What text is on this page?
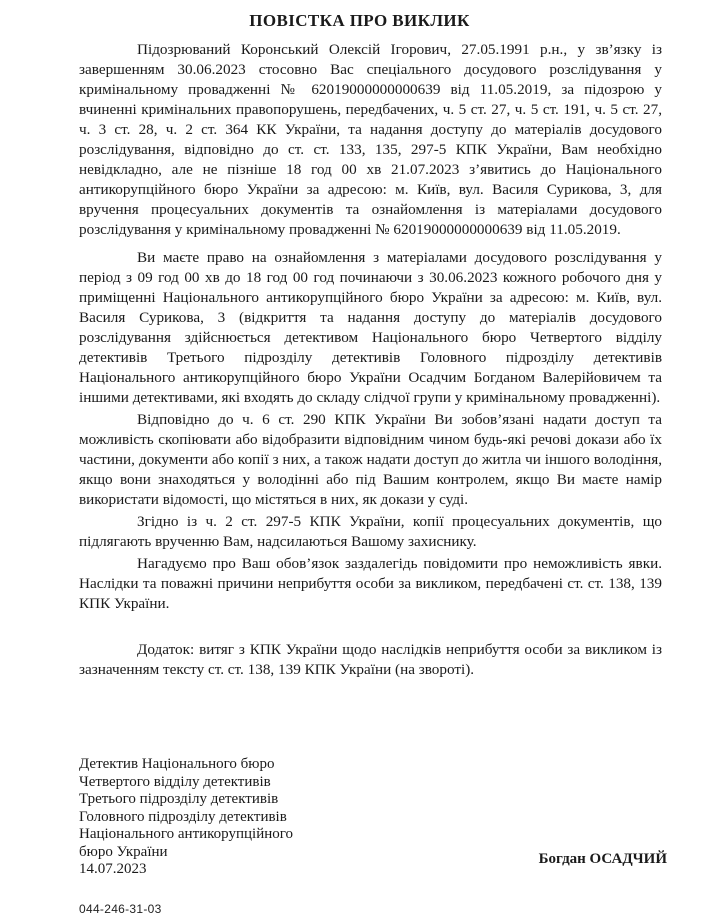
ПОВІСТКА ПРО ВИКЛИК

Підозрюваний Коронський Олексій Ігорович, 27.05.1991 р.н., у зв’язку із завершенням 30.06.2023 стосовно Вас спеціального досудового розслідування у кримінальному провадженні № 62019000000000639 від 11.05.2019, за підозрою у вчиненні кримінальних правопорушень, передбачених, ч. 5 ст. 27, ч. 5 ст. 191, ч. 5 ст. 27, ч. 3 ст. 28, ч. 2 ст. 364 КК України, та надання доступу до матеріалів досудового розслідування, відповідно до ст. ст. 133, 135, 297-5 КПК України, Вам необхідно невідкладно, але не пізніше 18 год 00 хв 21.07.2023 з’явитись до Національного антикорупційного бюро України за адресою: м. Київ, вул. Василя Сурикова, 3, для вручення процесуальних документів та ознайомлення із матеріалами досудового розслідування у кримінальному провадженні № 62019000000000639 від 11.05.2019.

Ви маєте право на ознайомлення з матеріалами досудового розслідування у період з 09 год 00 хв до 18 год 00 год починаючи з 30.06.2023 кожного робочого дня у приміщенні Національного антикорупційного бюро України за адресою: м. Київ, вул. Василя Сурикова, 3 (відкриття та надання доступу до матеріалів досудового розслідування здійснюється детективом Національного бюро Четвертого відділу детективів Третього підрозділу детективів Головного підрозділу детективів Національного антикорупційного бюро України Осадчим Богданом Валерійовичем та іншими детективами, які входять до складу слідчої групи у кримінальному провадженні).

Відповідно до ч. 6 ст. 290 КПК України Ви зобов’язані надати доступ та можливість скопіювати або відобразити відповідним чином будь-які речові докази або їх частини, документи або копії з них, а також надати доступ до житла чи іншого володіння, якщо вони знаходяться у володінні або під Вашим контролем, якщо Ви маєте намір використати відомості, що містяться в них, як докази у суді.

Згідно із ч. 2 ст. 297-5 КПК України, копії процесуальних документів, що підлягають врученню Вам, надсилаються Вашому захиснику.

Нагадуємо про Ваш обов’язок заздалегідь повідомити про неможливість явки. Наслідки та поважні причини неприбуття особи за викликом, передбачені ст. ст. 138, 139 КПК України.

Додаток: витяг з КПК України щодо наслідків неприбуття особи за викликом із зазначенням тексту ст. ст. 138, 139 КПК України (на звороті).

Детектив Національного бюро
Четвертого відділу детективів
Третього підрозділу детективів
Головного підрозділу детективів
Національного антикорупційного
бюро України
14.07.2023
Богдан ОСАДЧИЙ
044-246-31-03
